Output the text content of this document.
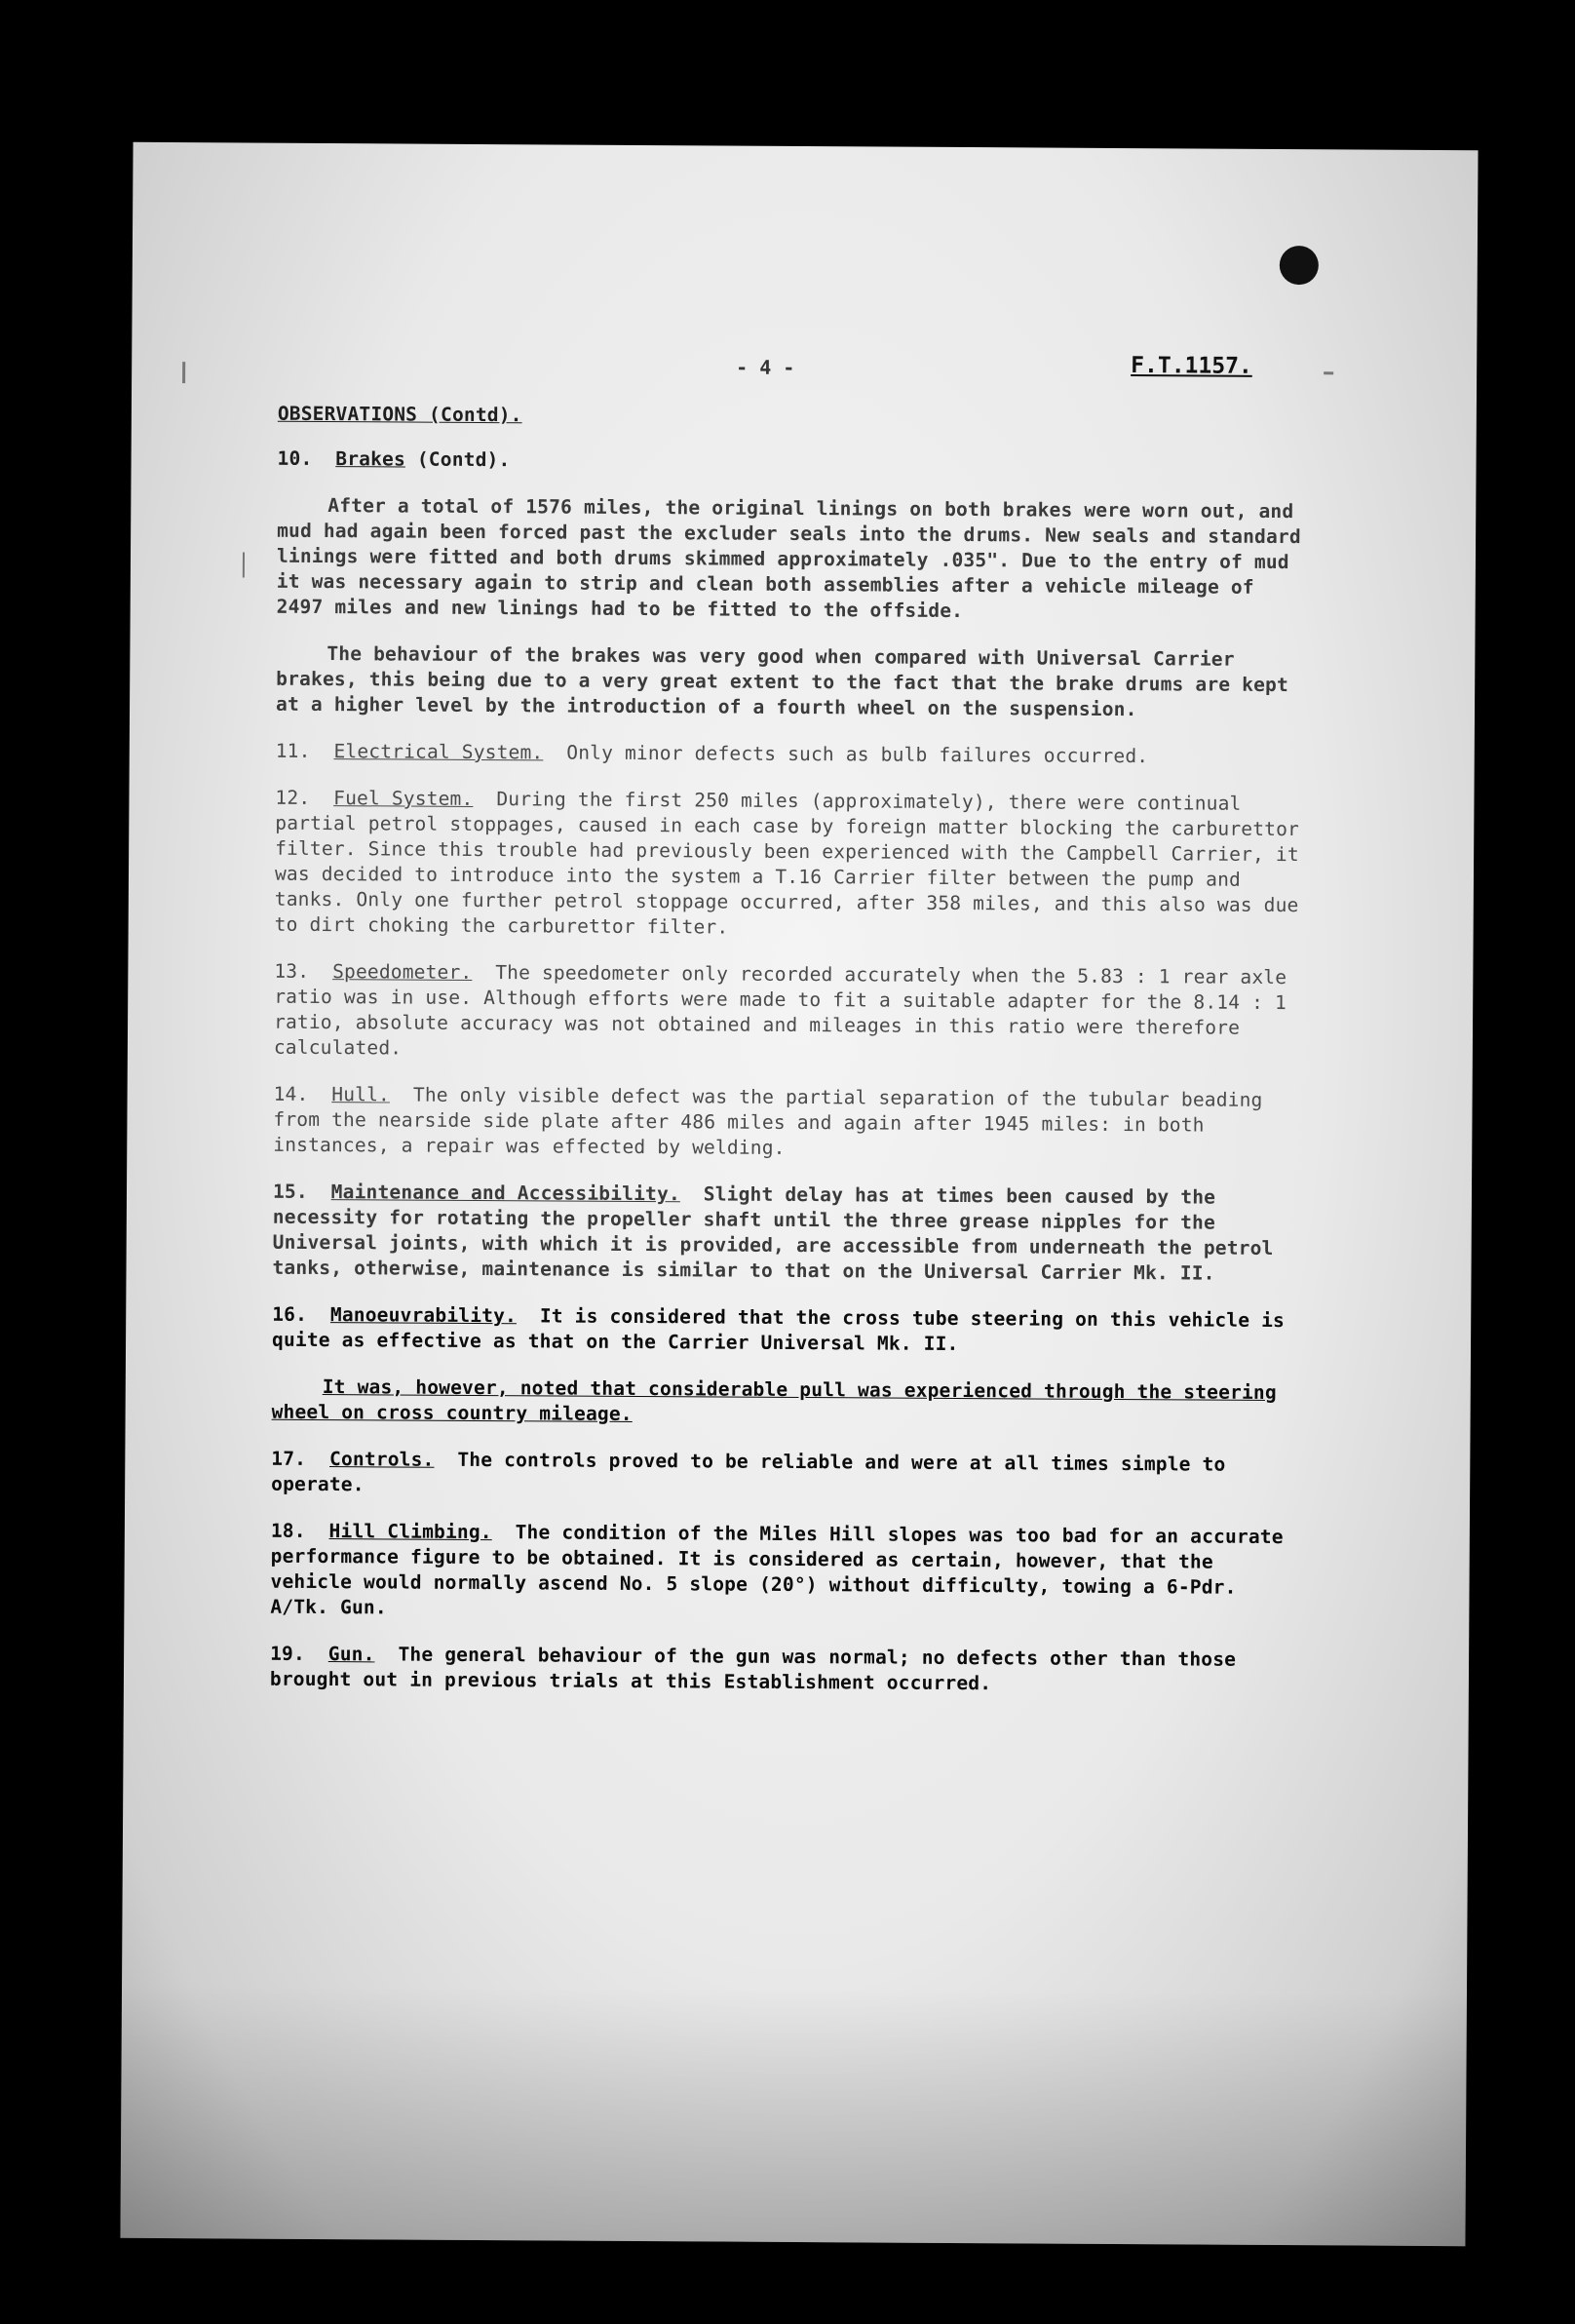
- 4 -	F.T.1157.
OBSERVATIONS (Contd).
10. Brakes (Contd).

After a total of 1576 miles, the original linings on both brakes were worn out, and mud had again been forced past the excluder seals into the drums. New seals and standard linings were fitted and both drums skimmed approximately .035". Due to the entry of mud it was necessary again to strip and clean both assemblies after a vehicle mileage of 2497 miles and new linings had to be fitted to the offside.

The behaviour of the brakes was very good when compared with Universal Carrier brakes, this being due to a very great extent to the fact that the brake drums are kept at a higher level by the introduction of a fourth wheel on the suspension.

11. Electrical System. Only minor defects such as bulb failures occurred.

12. Fuel System. During the first 250 miles (approximately), there were continual partial petrol stoppages, caused in each case by foreign matter blocking the carburettor filter. Since this trouble had previously been experienced with the Campbell Carrier, it was decided to introduce into the system a T.16 Carrier filter between the pump and tanks. Only one further petrol stoppage occurred, after 358 miles, and this also was due to dirt choking the carburettor filter.

13. Speedometer. The speedometer only recorded accurately when the 5.83 : 1 rear axle ratio was in use. Although efforts were made to fit a suitable adapter for the 8.14 : 1 ratio, absolute accuracy was not obtained and mileages in this ratio were therefore calculated.

14. Hull. The only visible defect was the partial separation of the tubular beading from the nearside side plate after 486 miles and again after 1945 miles: in both instances, a repair was effected by welding.

15. Maintenance and Accessibility. Slight delay has at times been caused by the necessity for rotating the propeller shaft until the three grease nipples for the Universal joints, with which it is provided, are accessible from underneath the petrol tanks, otherwise, maintenance is similar to that on the Universal Carrier Mk. II.

16. Manoeuvrability. It is considered that the cross tube steering on this vehicle is quite as effective as that on the Carrier Universal Mk. II.

It was, however, noted that considerable pull was experienced through the steering wheel on cross country mileage.

17. Controls. The controls proved to be reliable and were at all times simple to operate.

18. Hill Climbing. The condition of the Miles Hill slopes was too bad for an accurate performance figure to be obtained. It is considered as certain, however, that the vehicle would normally ascend No. 5 slope (20°) without difficulty, towing a 6-Pdr. A/Tk. Gun.

19. Gun. The general behaviour of the gun was normal; no defects other than those brought out in previous trials at this Establishment occurred.
